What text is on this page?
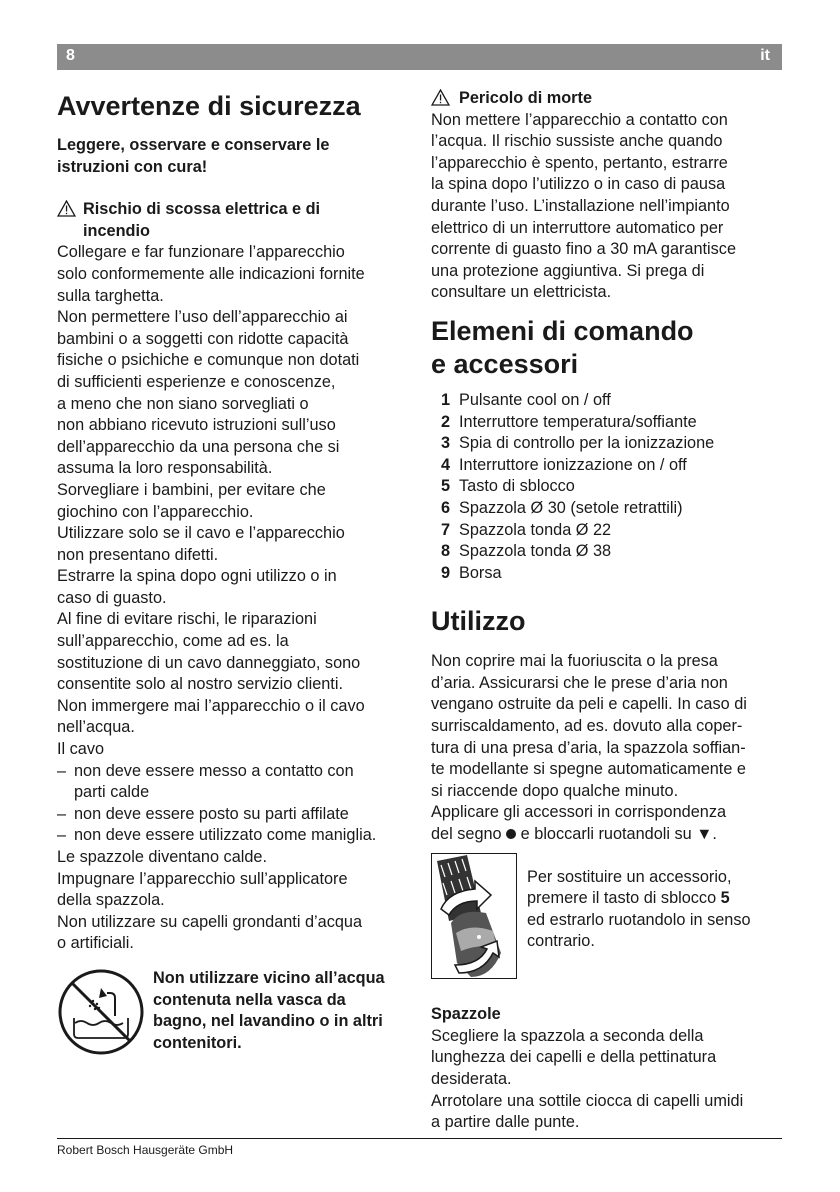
8	it
Avvertenze di sicurezza

Leggere, osservare e conservare le

istruzioni con cura!

Rischio di scossa elettrica e di

incendio

Collegare e far funzionare l’apparecchio

solo conformemente alle indicazioni fornite

sulla targhetta.

Non permettere l’uso dell’apparecchio ai

bambini o a soggetti con ridotte capacità

fisiche o psichiche e comunque non dotati

di sufficienti esperienze e conoscenze,

a meno che non siano sorvegliati o

non abbiano ricevuto istruzioni sull’uso

dell’apparecchio da una persona che si

assuma la loro responsabilità.

Sorvegliare i bambini, per evitare che

giochino con l’apparecchio.

Utilizzare solo se il cavo e l’apparecchio

non presentano difetti.

Estrarre la spina dopo ogni utilizzo o in

caso di guasto.

Al fine di evitare rischi, le riparazioni

sull’apparecchio, come ad es. la

sostituzione di un cavo danneggiato, sono

consentite solo al nostro servizio clienti.

Non immergere mai l’apparecchio o il cavo

nell’acqua.

Il cavo

– non deve essere messo a contatto con

parti calde

– non deve essere posto su parti affilate

– non deve essere utilizzato come maniglia.

Le spazzole diventano calde.

Impugnare l’apparecchio sull’applicatore

della spazzola.

Non utilizzare su capelli grondanti d’acqua

o artificiali.

Non utilizzare vicino all’acqua

contenuta nella vasca da

bagno, nel lavandino o in altri

contenitori.

Pericolo di morte

Non mettere l’apparecchio a contatto con

l’acqua. Il rischio sussiste anche quando

l’apparecchio è spento, pertanto, estrarre

la spina dopo l’utilizzo o in caso di pausa

durante l’uso. L’installazione nell’impianto

elettrico di un interruttore automatico per

corrente di guasto fino a 30 mA garantisce

una protezione aggiuntiva. Si prega di

consultare un elettricista.

Elemeni di comando
e accessori
1 Pulsante cool on / off
2 Interruttore temperatura/soffiante
3 Spia di controllo per la ionizzazione
4 Interruttore ionizzazione on / off
5 Tasto di sblocco
6 Spazzola Ø 30 (setole retrattili)
7 Spazzola tonda Ø 22
8 Spazzola tonda Ø 38
9 Borsa
Utilizzo

Non coprire mai la fuoriuscita o la presa

d’aria. Assicurarsi che le prese d’aria non

vengano ostruite da peli e capelli. In caso di

surriscaldamento, ad es. dovuto alla coper-

tura di una presa d’aria, la spazzola soffian-

te modellante si spegne automaticamente e

si riaccende dopo qualche minuto.

Applicare gli accessori in corrispondenza

del segno  e bloccarli ruotandoli su ▼.

Per sostituire un accessorio,

premere il tasto di sblocco 5

ed estrarlo ruotandolo in senso

contrario.

Spazzole

Scegliere la spazzola a seconda della

lunghezza dei capelli e della pettinatura

desiderata.

Arrotolare una sottile ciocca di capelli umidi

a partire dalle punte.

Robert Bosch Hausgeräte GmbH
